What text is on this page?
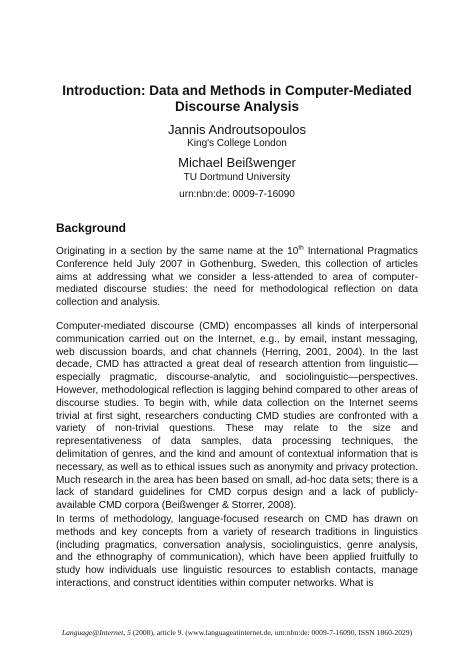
Introduction: Data and Methods in Computer-Mediated
Discourse Analysis
Jannis Androutsopoulos
King's College London
Michael Beißwenger
TU Dortmund University
urn:nbn:de: 0009-7-16090
Background

Originating in a section by the same name at the 10th International Pragmatics Conference held July 2007 in Gothenburg, Sweden, this collection of articles aims at addressing what we consider a less-attended to area of computer-mediated discourse studies: the need for methodological reflection on data collection and analysis.

Computer-mediated discourse (CMD) encompasses all kinds of interpersonal communication carried out on the Internet, e.g., by email, instant messaging, web discussion boards, and chat channels (Herring, 2001, 2004). In the last decade, CMD has attracted a great deal of research attention from linguistic—especially pragmatic, discourse-analytic, and sociolinguistic—perspectives. However, methodological reflection is lagging behind compared to other areas of discourse studies. To begin with, while data collection on the Internet seems trivial at first sight, researchers conducting CMD studies are confronted with a variety of non-trivial questions. These may relate to the size and representativeness of data samples, data processing techniques, the delimitation of genres, and the kind and amount of contextual information that is necessary, as well as to ethical issues such as anonymity and privacy protection. Much research in the area has been based on small, ad-hoc data sets; there is a lack of standard guidelines for CMD corpus design and a lack of publicly-available CMD corpora (Beißwenger & Storrer, 2008).

In terms of methodology, language-focused research on CMD has drawn on methods and key concepts from a variety of research traditions in linguistics (including pragmatics, conversation analysis, sociolinguistics, genre analysis, and the ethnography of communication), which have been applied fruitfully to study how individuals use linguistic resources to establish contacts, manage interactions, and construct identities within computer networks. What is

Language@Internet, 5 (2008), article 9. (www.languageatinternet.de, urn:nbn:de: 0009-7-16090, ISSN 1860-2029)
